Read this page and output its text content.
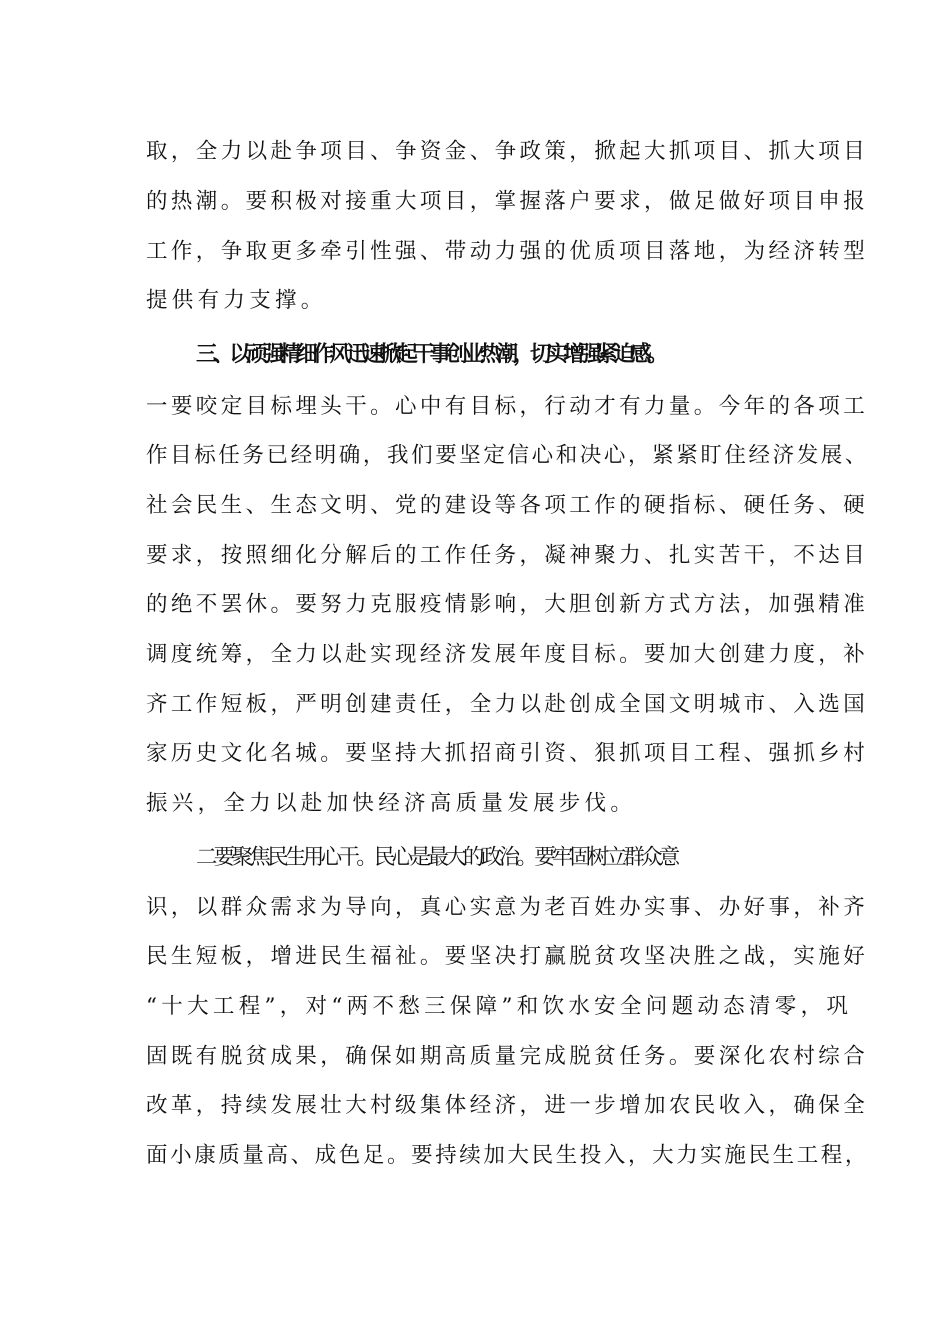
取，全力以赴争项目、争资金、争政策，掀起大抓项目、抓大项目
的热潮。要积极对接重大项目，掌握落户要求，做足做好项目申报
工作，争取更多牵引性强、带动力强的优质项目落地，为经济转型
提供有力支撑。
三、以顽强精细作风迅速掀起干事创业热潮，切实增强紧迫感。
一要咬定目标埋头干。心中有目标，行动才有力量。今年的各项工
作目标任务已经明确，我们要坚定信心和决心，紧紧盯住经济发展、
社会民生、生态文明、党的建设等各项工作的硬指标、硬任务、硬
要求，按照细化分解后的工作任务，凝神聚力、扎实苦干，不达目
的绝不罢休。要努力克服疫情影响，大胆创新方式方法，加强精准
调度统筹，全力以赴实现经济发展年度目标。要加大创建力度，补
齐工作短板，严明创建责任，全力以赴创成全国文明城市、入选国
家历史文化名城。要坚持大抓招商引资、狠抓项目工程、强抓乡村
振兴，全力以赴加快经济高质量发展步伐。
二要聚焦民生用心干。民心是最大的政治。要牢固树立群众意
识，以群众需求为导向，真心实意为老百姓办实事、办好事，补齐
民生短板，增进民生福祉。要坚决打赢脱贫攻坚决胜之战，实施好
“十大工程”，对“两不愁三保障”和饮水安全问题动态清零，巩
固既有脱贫成果，确保如期高质量完成脱贫任务。要深化农村综合
改革，持续发展壮大村级集体经济，进一步增加农民收入，确保全
面小康质量高、成色足。要持续加大民生投入，大力实施民生工程，
